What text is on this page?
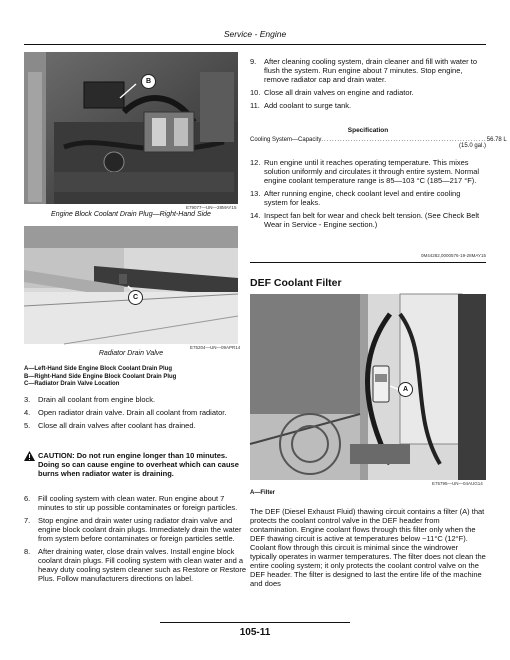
Service - Engine
B
E79077—UN—28MAY15
Engine Block Coolant Drain Plug—Right-Hand Side
C
E75204—UN—09APR14
Radiator Drain Valve
A—Left-Hand Side Engine Block Coolant Drain Plug
B—Right-Hand Side Engine Block Coolant Drain Plug
C—Radiator Drain Valve Location
3.	Drain all coolant from engine block.
4.	Open radiator drain valve. Drain all coolant from radiator.
5.	Close all drain valves after coolant has drained.
CAUTION: Do not run engine longer than 10 minutes. Doing so can cause engine to overheat which can cause burns when radiator water is draining.
6.	Fill cooling system with clean water. Run engine about 7 minutes to stir up possible contaminates or foreign particles.
7.	Stop engine and drain water using radiator drain valve and engine block coolant drain plugs. Immediately drain the water from system before contaminates or foreign particles settle.
8.	After draining water, close drain valves. Install engine block coolant drain plugs. Fill cooling system with clean water and a heavy duty cooling system cleaner such as Restore or Restore Plus. Follow manufacturers directions on label.
9.	After cleaning cooling system, drain cleaner and fill with water to flush the system. Run engine about 7 minutes. Stop engine, remove radiator cap and drain water.
10. Close all drain valves on engine and radiator.
11. Add coolant to surge tank.
Specification
Cooling System—Capacity .............................................................. 56.78 L
(15.0 gal.)
12. Run engine until it reaches operating temperature. This mixes solution uniformly and circulates it through entire system. Normal engine coolant temperature range is 85—103 °C (185—217 °F).
13. After running engine, check coolant level and entire cooling system for leaks.
14. Inspect fan belt for wear and check belt tension. (See Check Belt Wear in Service - Engine section.)
0M44282,0000576-19-28MAY15
DEF Coolant Filter
A
E75795—UN—04AUG14
A—Filter
The DEF (Diesel Exhaust Fluid) thawing circuit contains a filter (A) that protects the coolant control valve in the DEF header from contamination. Engine coolant flows through this filter only when the DEF thawing circuit is active at temperatures below −11°C (12°F). Coolant flow through this circuit is minimal since the windrower typically operates in warmer temperatures. The filter does not clean the entire cooling system; it only protects the coolant control valve on the DEF header. The filter is designed to last the entire life of the machine and does
105-11
